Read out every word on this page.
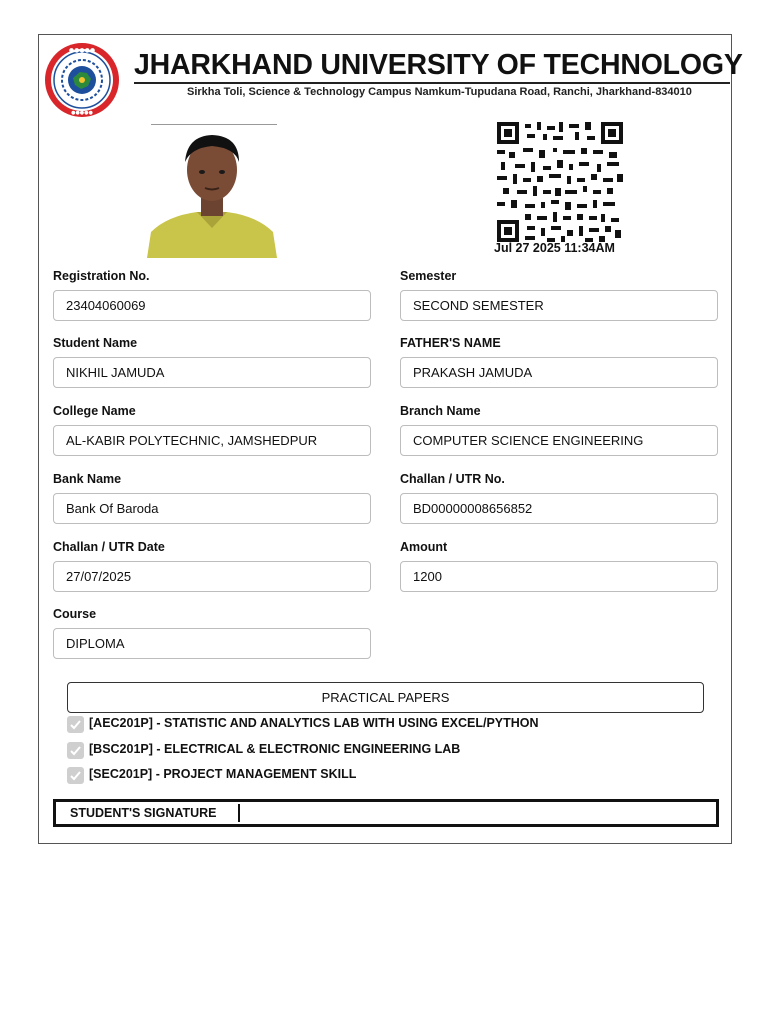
●●●●●
●●●●●
JHARKHAND UNIVERSITY OF TECHNOLOGY
Sirkha Toli, Science & Technology Campus Namkum-Tupudana Road, Ranchi, Jharkhand-834010
Jul 27 2025 11:34AM
Registration No.
23404060069
Semester
SECOND SEMESTER
Student Name
NIKHIL JAMUDA
FATHER'S NAME
PRAKASH JAMUDA
College Name
AL-KABIR POLYTECHNIC, JAMSHEDPUR
Branch Name
COMPUTER SCIENCE ENGINEERING
Bank Name
Bank Of Baroda
Challan / UTR No.
BD00000008656852
Challan / UTR Date
27/07/2025
Amount
1200
Course
DIPLOMA
PRACTICAL PAPERS
[AEC201P] - STATISTIC AND ANALYTICS LAB WITH USING EXCEL/PYTHON
[BSC201P] - ELECTRICAL & ELECTRONIC ENGINEERING LAB
[SEC201P] - PROJECT MANAGEMENT SKILL
STUDENT'S SIGNATURE
